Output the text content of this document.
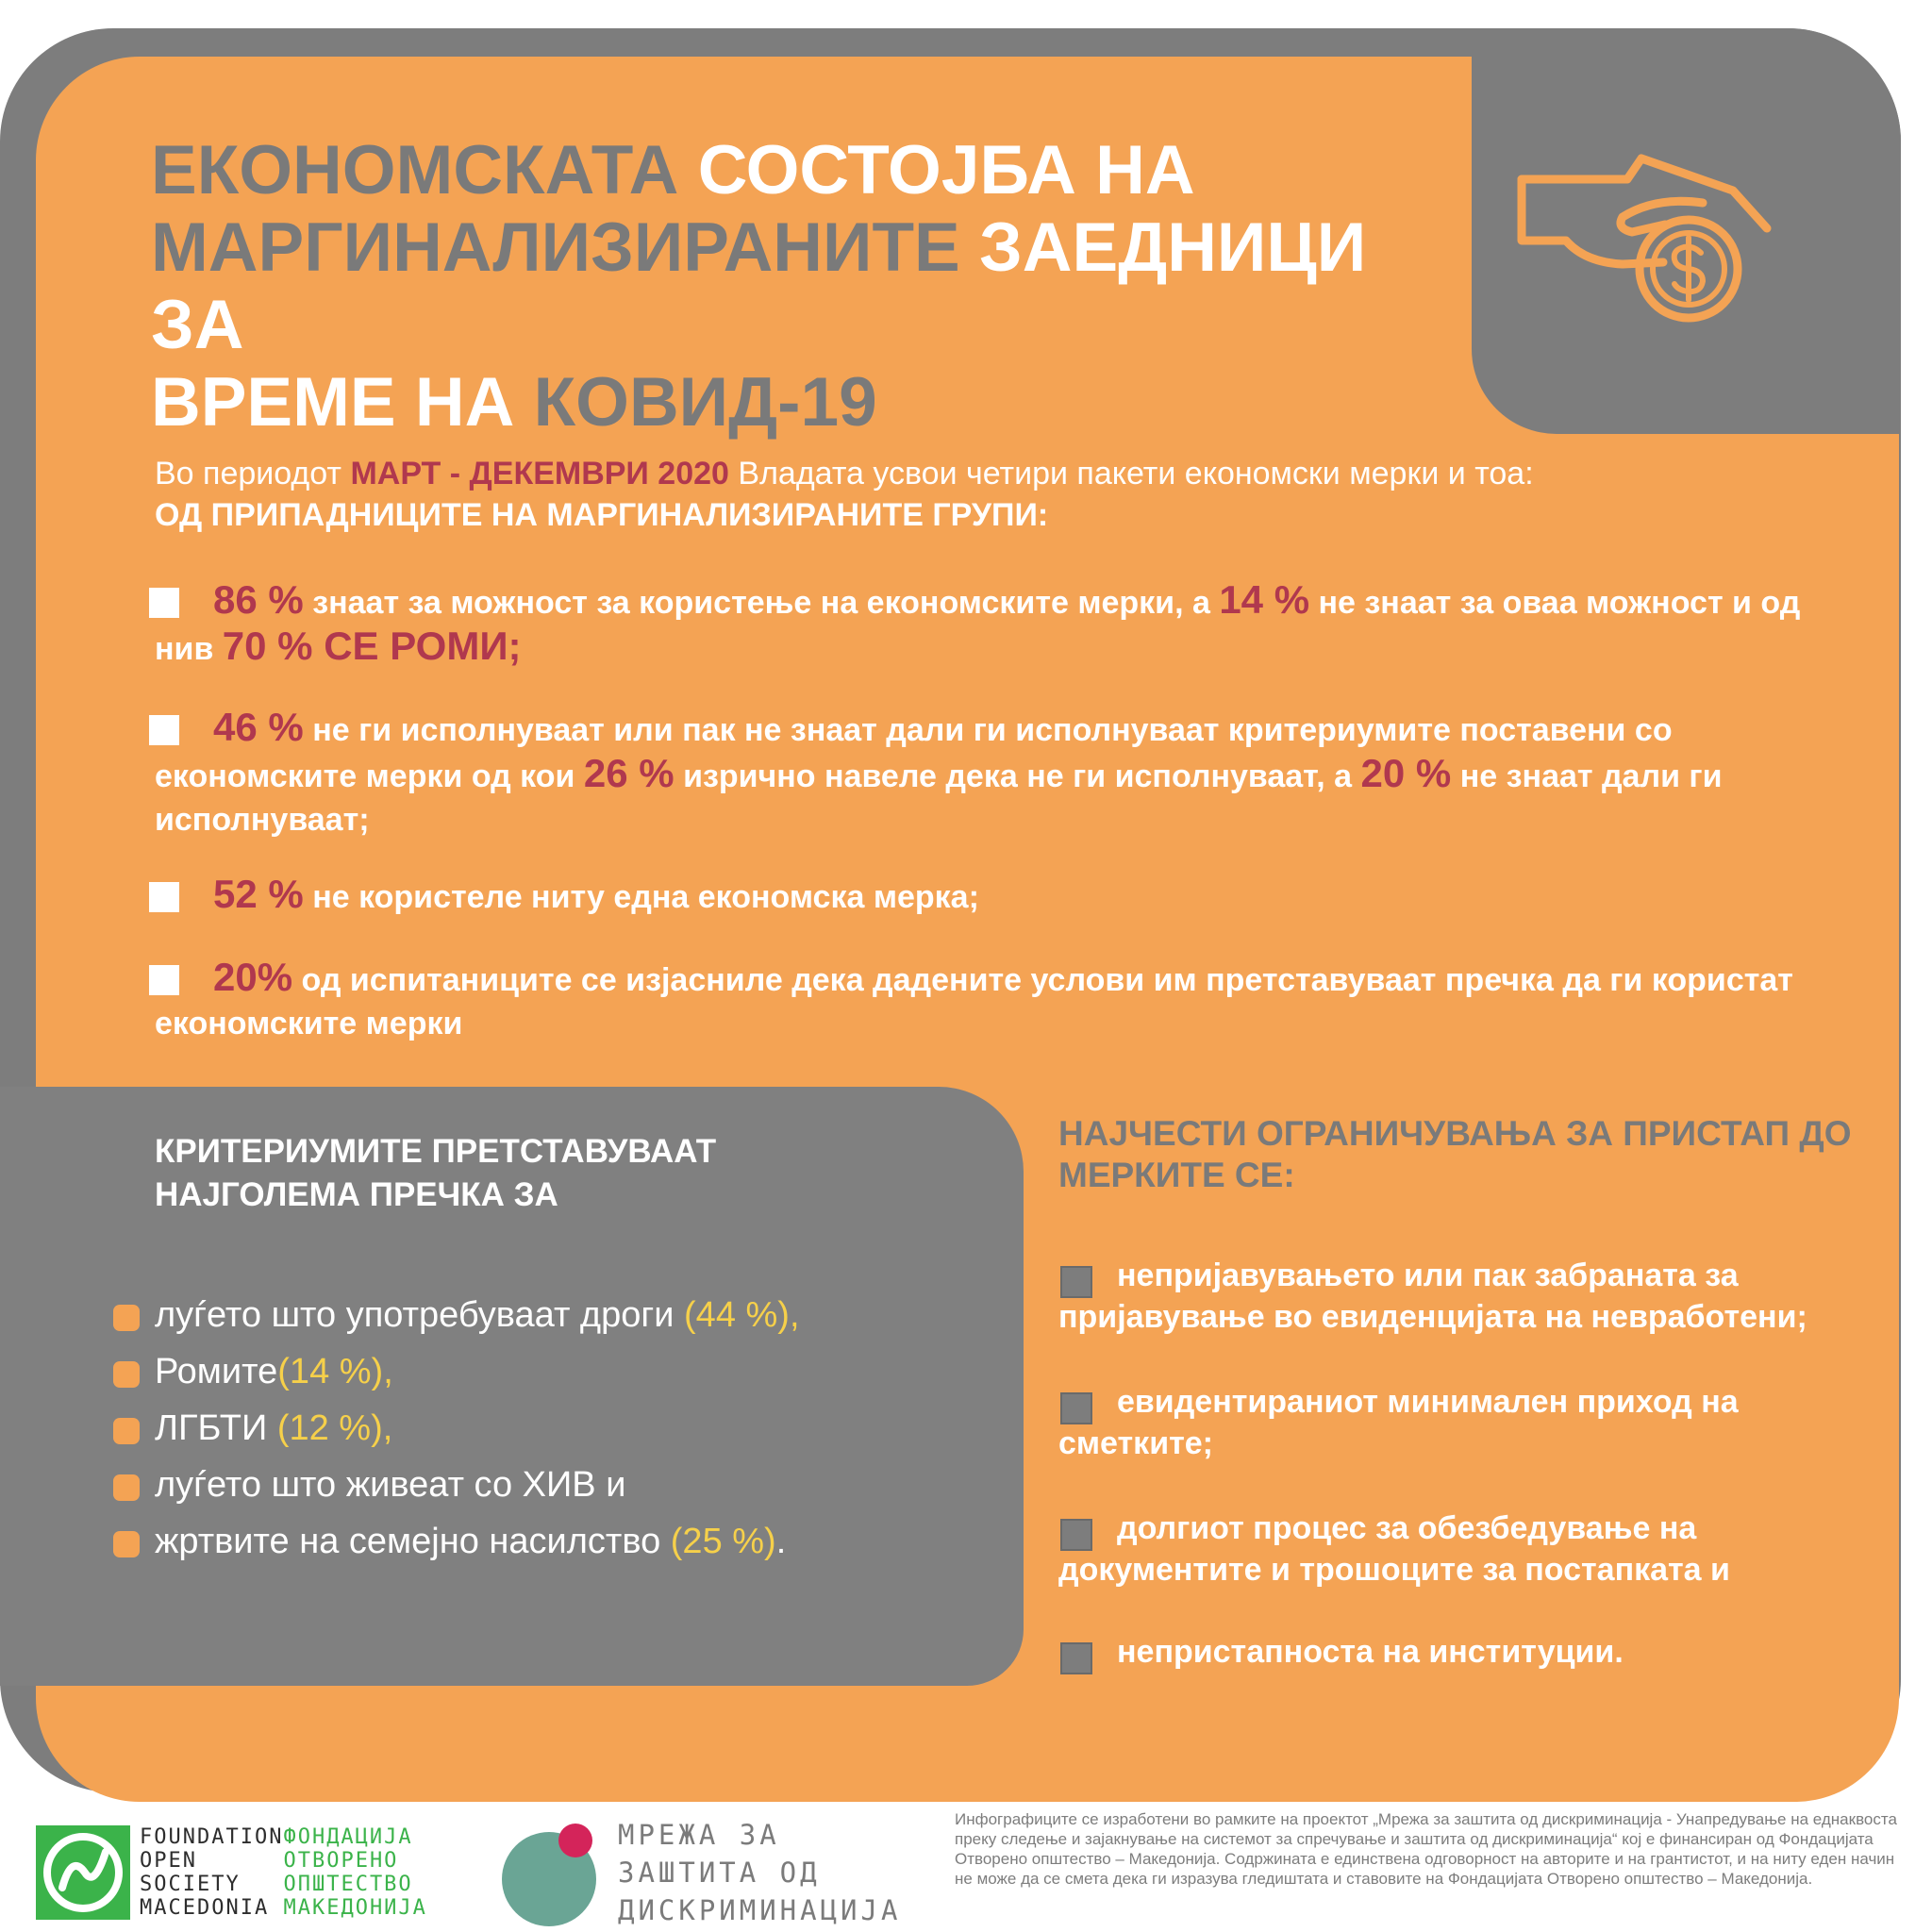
ЕКОНОМСКАТА СОСТОЈБА НА
МАРГИНАЛИЗИРАНИТЕ ЗАЕДНИЦИ ЗА
ВРЕМЕ НА КОВИД-19

Во периодот МАРТ - ДЕКЕМВРИ 2020 Владата усвои четири пакети економски мерки и тоа:
ОД ПРИПАДНИЦИТЕ НА МАРГИНАЛИЗИРАНИТЕ ГРУПИ:

86 % знаат за можност за користење на економските мерки, а 14 % не знаат за оваа можност и од нив 70 % СЕ РОМИ;

46 % не ги исполнуваат или пак не знаат дали ги исполнуваат критериумите поставени со економските мерки од кои 26 % изрично навеле дека не ги исполнуваат, а 20 % не знаат дали ги исполнуваат;

52 % не користеле ниту една економска мерка;

20% од испитаниците се изјасниле дека дадените услови им претставуваат пречка да ги користат економските мерки

КРИТЕРИУМИТЕ ПРЕТСТАВУВААТ НАЈГОЛЕМА ПРЕЧКА ЗА
луѓето што употребуваат дроги (44 %),
Ромите(14 %),
ЛГБТИ (12 %),
луѓето што живеат со ХИВ и
жртвите на семејно насилство (25 %).
НАЈЧЕСТИ ОГРАНИЧУВАЊА ЗА ПРИСТАП ДО МЕРКИТЕ СЕ:

непријавувањето или пак забраната за пријавување во евиденцијата на невработени;

евидентираниот минимален приход на сметките;

долгиот процес за обезбедување на документите и трошоците за постапката и

непристапноста на институции.

FOUNDATIONФОНДАЦИЈА
OPEN	ОТВОРЕНО
SOCIETY ОПШТЕСТВО
MACEDONIA МАКЕДОНИЈА
МРЕЖА ЗА
ЗАШТИТА ОД
ДИСКРИМИНАЦИЈА
Инфографиците се изработени во рамките на проектот „Мрежа за заштита од дискриминација - Унапредување на еднаквоста преку следење и зајакнување на системот за спречување и заштита од дискриминација“ кој е финансиран од Фондацијата Отворено општество – Македонија. Содржината е единствена одговорност на авторите и на грантистот, и на ниту еден начин не може да се смета дека ги изразува гледиштата и ставовите на Фондацијата Отворено општество – Македонија.
